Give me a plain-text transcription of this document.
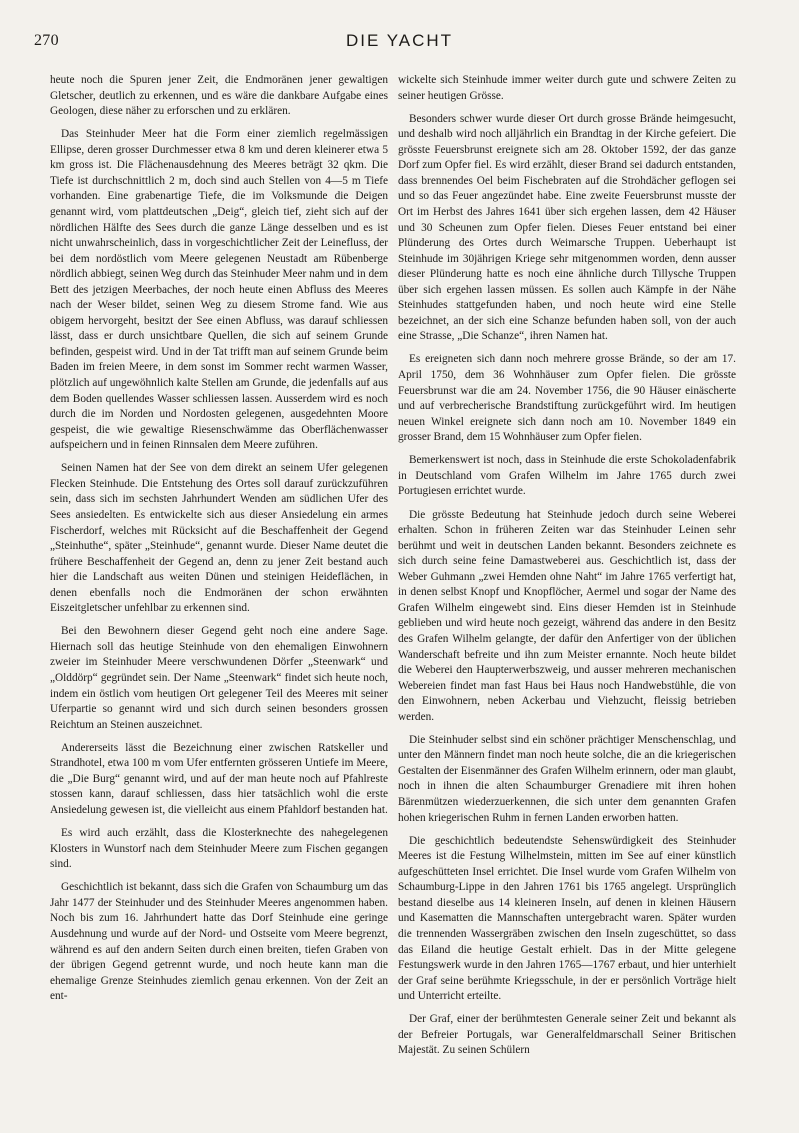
270	DIE YACHT

heute noch die Spuren jener Zeit, die Endmoränen jener gewaltigen Gletscher, deutlich zu erkennen, und es wäre die dankbare Aufgabe eines Geologen, diese näher zu erforschen und zu erklären.

Das Steinhuder Meer hat die Form einer ziemlich regelmässigen Ellipse, deren grosser Durchmesser etwa 8 km und deren kleinerer etwa 5 km gross ist. Die Flächenausdehnung des Meeres beträgt 32 qkm. Die Tiefe ist durchschnittlich 2 m, doch sind auch Stellen von 4—5 m Tiefe vorhanden. Eine grabenartige Tiefe, die im Volksmunde die Deigen genannt wird, vom plattdeutschen „Deig“, gleich tief, zieht sich auf der nördlichen Hälfte des Sees durch die ganze Länge desselben und es ist nicht unwahrscheinlich, dass in vorgeschichtlicher Zeit der Leinefluss, der bei dem nordöstlich vom Meere gelegenen Neustadt am Rübenberge nördlich abbiegt, seinen Weg durch das Steinhuder Meer nahm und in dem Bett des jetzigen Meerbaches, der noch heute einen Abfluss des Meeres nach der Weser bildet, seinen Weg zu diesem Strome fand. Wie aus obigem hervorgeht, besitzt der See einen Abfluss, was darauf schliessen lässt, dass er durch unsichtbare Quellen, die sich auf seinem Grunde befinden, gespeist wird. Und in der Tat trifft man auf seinem Grunde beim Baden im freien Meere, in dem sonst im Sommer recht warmen Wasser, plötzlich auf ungewöhnlich kalte Stellen am Grunde, die jedenfalls auf aus dem Boden quellendes Wasser schliessen lassen. Ausserdem wird es noch durch die im Norden und Nordosten gelegenen, ausgedehnten Moore gespeist, die wie gewaltige Riesenschwämme das Oberflächenwasser aufspeichern und in feinen Rinnsalen dem Meere zuführen.

Seinen Namen hat der See von dem direkt an seinem Ufer gelegenen Flecken Steinhude. Die Entstehung des Ortes soll darauf zurückzuführen sein, dass sich im sechsten Jahrhundert Wenden am südlichen Ufer des Sees ansiedelten. Es entwickelte sich aus dieser Ansiedelung ein armes Fischerdorf, welches mit Rücksicht auf die Beschaffenheit der Gegend „Steinhuthe“, später „Steinhude“, genannt wurde. Dieser Name deutet die frühere Beschaffenheit der Gegend an, denn zu jener Zeit bestand auch hier die Landschaft aus weiten Dünen und steinigen Heideflächen, in denen ebenfalls noch die Endmoränen der schon erwähnten Eiszeitgletscher unfehlbar zu erkennen sind.

Bei den Bewohnern dieser Gegend geht noch eine andere Sage. Hiernach soll das heutige Steinhude von den ehemaligen Einwohnern zweier im Steinhuder Meere verschwundenen Dörfer „Steenwark“ und „Olddörp“ gegründet sein. Der Name „Steenwark“ findet sich heute noch, indem ein östlich vom heutigen Ort gelegener Teil des Meeres mit seiner Uferpartie so genannt wird und sich durch seinen besonders grossen Reichtum an Steinen auszeichnet.

Andererseits lässt die Bezeichnung einer zwischen Ratskeller und Strandhotel, etwa 100 m vom Ufer entfernten grösseren Untiefe im Meere, die „Die Burg“ genannt wird, und auf der man heute noch auf Pfahlreste stossen kann, darauf schliessen, dass hier tatsächlich wohl die erste Ansiedelung gewesen ist, die vielleicht aus einem Pfahldorf bestanden hat.

Es wird auch erzählt, dass die Klosterknechte des nahegelegenen Klosters in Wunstorf nach dem Steinhuder Meere zum Fischen gegangen sind.

Geschichtlich ist bekannt, dass sich die Grafen von Schaumburg um das Jahr 1477 der Steinhuder und des Steinhuder Meeres angenommen haben. Noch bis zum 16. Jahrhundert hatte das Dorf Steinhude eine geringe Ausdehnung und wurde auf der Nord- und Ostseite vom Meere begrenzt, während es auf den andern Seiten durch einen breiten, tiefen Graben von der übrigen Gegend getrennt wurde, und noch heute kann man die ehemalige Grenze Steinhudes ziemlich genau erkennen. Von der Zeit an ent-

wickelte sich Steinhude immer weiter durch gute und schwere Zeiten zu seiner heutigen Grösse.

Besonders schwer wurde dieser Ort durch grosse Brände heimgesucht, und deshalb wird noch alljährlich ein Brandtag in der Kirche gefeiert. Die grösste Feuersbrunst ereignete sich am 28. Oktober 1592, der das ganze Dorf zum Opfer fiel. Es wird erzählt, dieser Brand sei dadurch entstanden, dass brennendes Oel beim Fischebraten auf die Strohdächer geflogen sei und so das Feuer angezündet habe. Eine zweite Feuersbrunst musste der Ort im Herbst des Jahres 1641 über sich ergehen lassen, dem 42 Häuser und 30 Scheunen zum Opfer fielen. Dieses Feuer entstand bei einer Plünderung des Ortes durch Weimarsche Truppen. Ueberhaupt ist Steinhude im 30jährigen Kriege sehr mitgenommen worden, denn ausser dieser Plünderung hatte es noch eine ähnliche durch Tillysche Truppen über sich ergehen lassen müssen. Es sollen auch Kämpfe in der Nähe Steinhudes stattgefunden haben, und noch heute wird eine Stelle bezeichnet, an der sich eine Schanze befunden haben soll, von der auch eine Strasse, „Die Schanze“, ihren Namen hat.

Es ereigneten sich dann noch mehrere grosse Brände, so der am 17. April 1750, dem 36 Wohnhäuser zum Opfer fielen. Die grösste Feuersbrunst war die am 24. November 1756, die 90 Häuser einäscherte und auf verbrecherische Brandstiftung zurückgeführt wird. Im heutigen neuen Winkel ereignete sich dann noch am 10. November 1849 ein grosser Brand, dem 15 Wohnhäuser zum Opfer fielen.

Bemerkenswert ist noch, dass in Steinhude die erste Schokoladenfabrik in Deutschland vom Grafen Wilhelm im Jahre 1765 durch zwei Portugiesen errichtet wurde.

Die grösste Bedeutung hat Steinhude jedoch durch seine Weberei erhalten. Schon in früheren Zeiten war das Steinhuder Leinen sehr berühmt und weit in deutschen Landen bekannt. Besonders zeichnete es sich durch seine feine Damastweberei aus. Geschichtlich ist, dass der Weber Guhmann „zwei Hemden ohne Naht“ im Jahre 1765 verfertigt hat, in denen selbst Knopf und Knopflöcher, Aermel und sogar der Name des Grafen Wilhelm eingewebt sind. Eins dieser Hemden ist in Steinhude geblieben und wird heute noch gezeigt, während das andere in den Besitz des Grafen Wilhelm gelangte, der dafür den Anfertiger von der üblichen Wanderschaft befreite und ihn zum Meister ernannte. Noch heute bildet die Weberei den Haupterwerbszweig, und ausser mehreren mechanischen Webereien findet man fast Haus bei Haus noch Handwebstühle, die von den Einwohnern, neben Ackerbau und Viehzucht, fleissig betrieben werden.

Die Steinhuder selbst sind ein schöner prächtiger Menschenschlag, und unter den Männern findet man noch heute solche, die an die kriegerischen Gestalten der Eisenmänner des Grafen Wilhelm erinnern, oder man glaubt, noch in ihnen die alten Schaumburger Grenadiere mit ihren hohen Bärenmützen wiederzuerkennen, die sich unter dem genannten Grafen hohen kriegerischen Ruhm in fernen Landen erworben hatten.

Die geschichtlich bedeutendste Sehenswürdigkeit des Steinhuder Meeres ist die Festung Wilhelmstein, mitten im See auf einer künstlich aufgeschütteten Insel errichtet. Die Insel wurde vom Grafen Wilhelm von Schaumburg-Lippe in den Jahren 1761 bis 1765 angelegt. Ursprünglich bestand dieselbe aus 14 kleineren Inseln, auf denen in kleinen Häusern und Kasematten die Mannschaften untergebracht waren. Später wurden die trennenden Wassergräben zwischen den Inseln zugeschüttet, so dass das Eiland die heutige Gestalt erhielt. Das in der Mitte gelegene Festungswerk wurde in den Jahren 1765—1767 erbaut, und hier unterhielt der Graf seine berühmte Kriegsschule, in der er persönlich Vorträge hielt und Unterricht erteilte.

Der Graf, einer der berühmtesten Generale seiner Zeit und bekannt als der Befreier Portugals, war Generalfeldmarschall Seiner Britischen Majestät. Zu seinen Schülern
